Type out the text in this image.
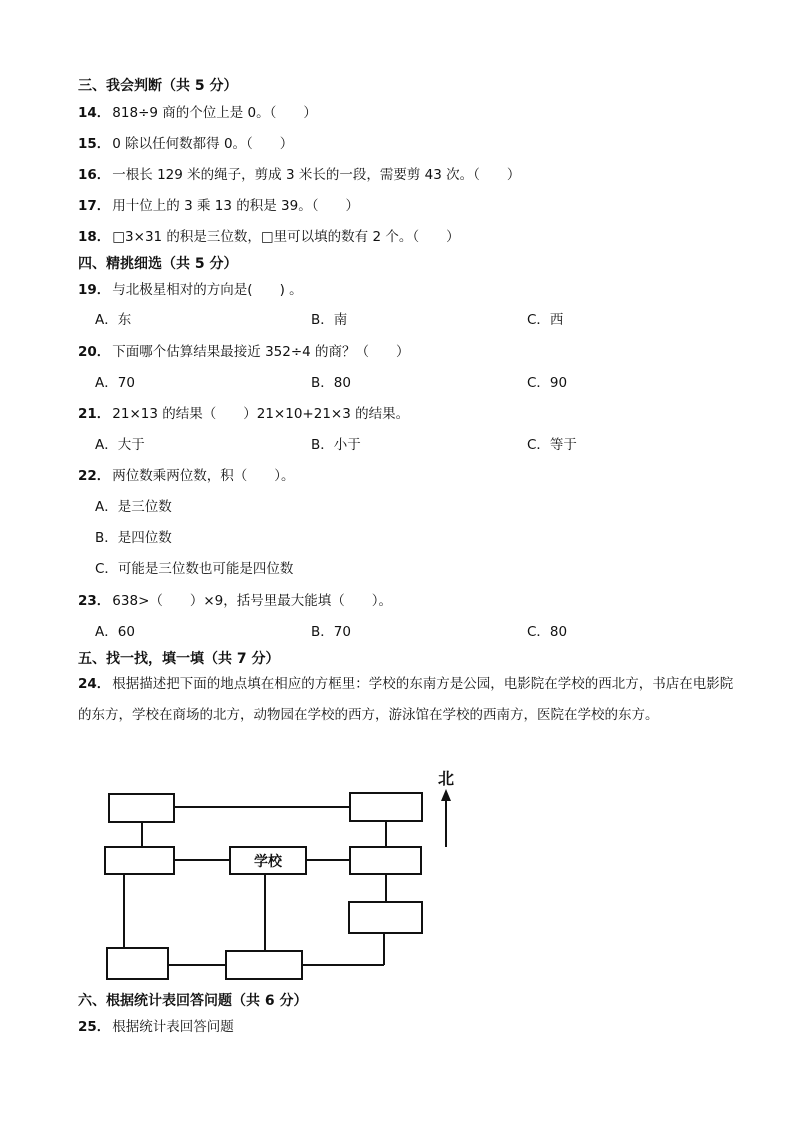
三、我会判断（共 5 分）
14． 818÷9 商的个位上是 0。（　　）
15． 0 除以任何数都得 0。（　　）
16． 一根长 129 米的绳子，剪成 3 米长的一段，需要剪 43 次。（　　）
17． 用十位上的 3 乘 13 的积是 39。（　　）
18． □3×31 的积是三位数，□里可以填的数有 2 个。（　　）
四、精挑细选（共 5 分）
19． 与北极星相对的方向是(　　) 。
A．东	B．南	C．西
20． 下面哪个估算结果最接近 352÷4 的商？（　　）
A．70	B．80	C．90
21． 21×13 的结果（　　）21×10+21×3 的结果。
A．大于	B．小于	C．等于
22． 两位数乘两位数，积（　　）。
A．是三位数
B．是四位数
C．可能是三位数也可能是四位数
23． 638>（　　）×9，括号里最大能填（　　）。
A．60	B．70	C．80
五、找一找，填一填（共 7 分）
24． 根据描述把下面的地点填在相应的方框里：学校的东南方是公园，电影院在学校的西北方，书店在电影院的东方，学校在商场的北方，动物园在学校的西方，游泳馆在学校的西南方，医院在学校的东方。
学校
北
六、根据统计表回答问题（共 6 分）
25． 根据统计表回答问题
